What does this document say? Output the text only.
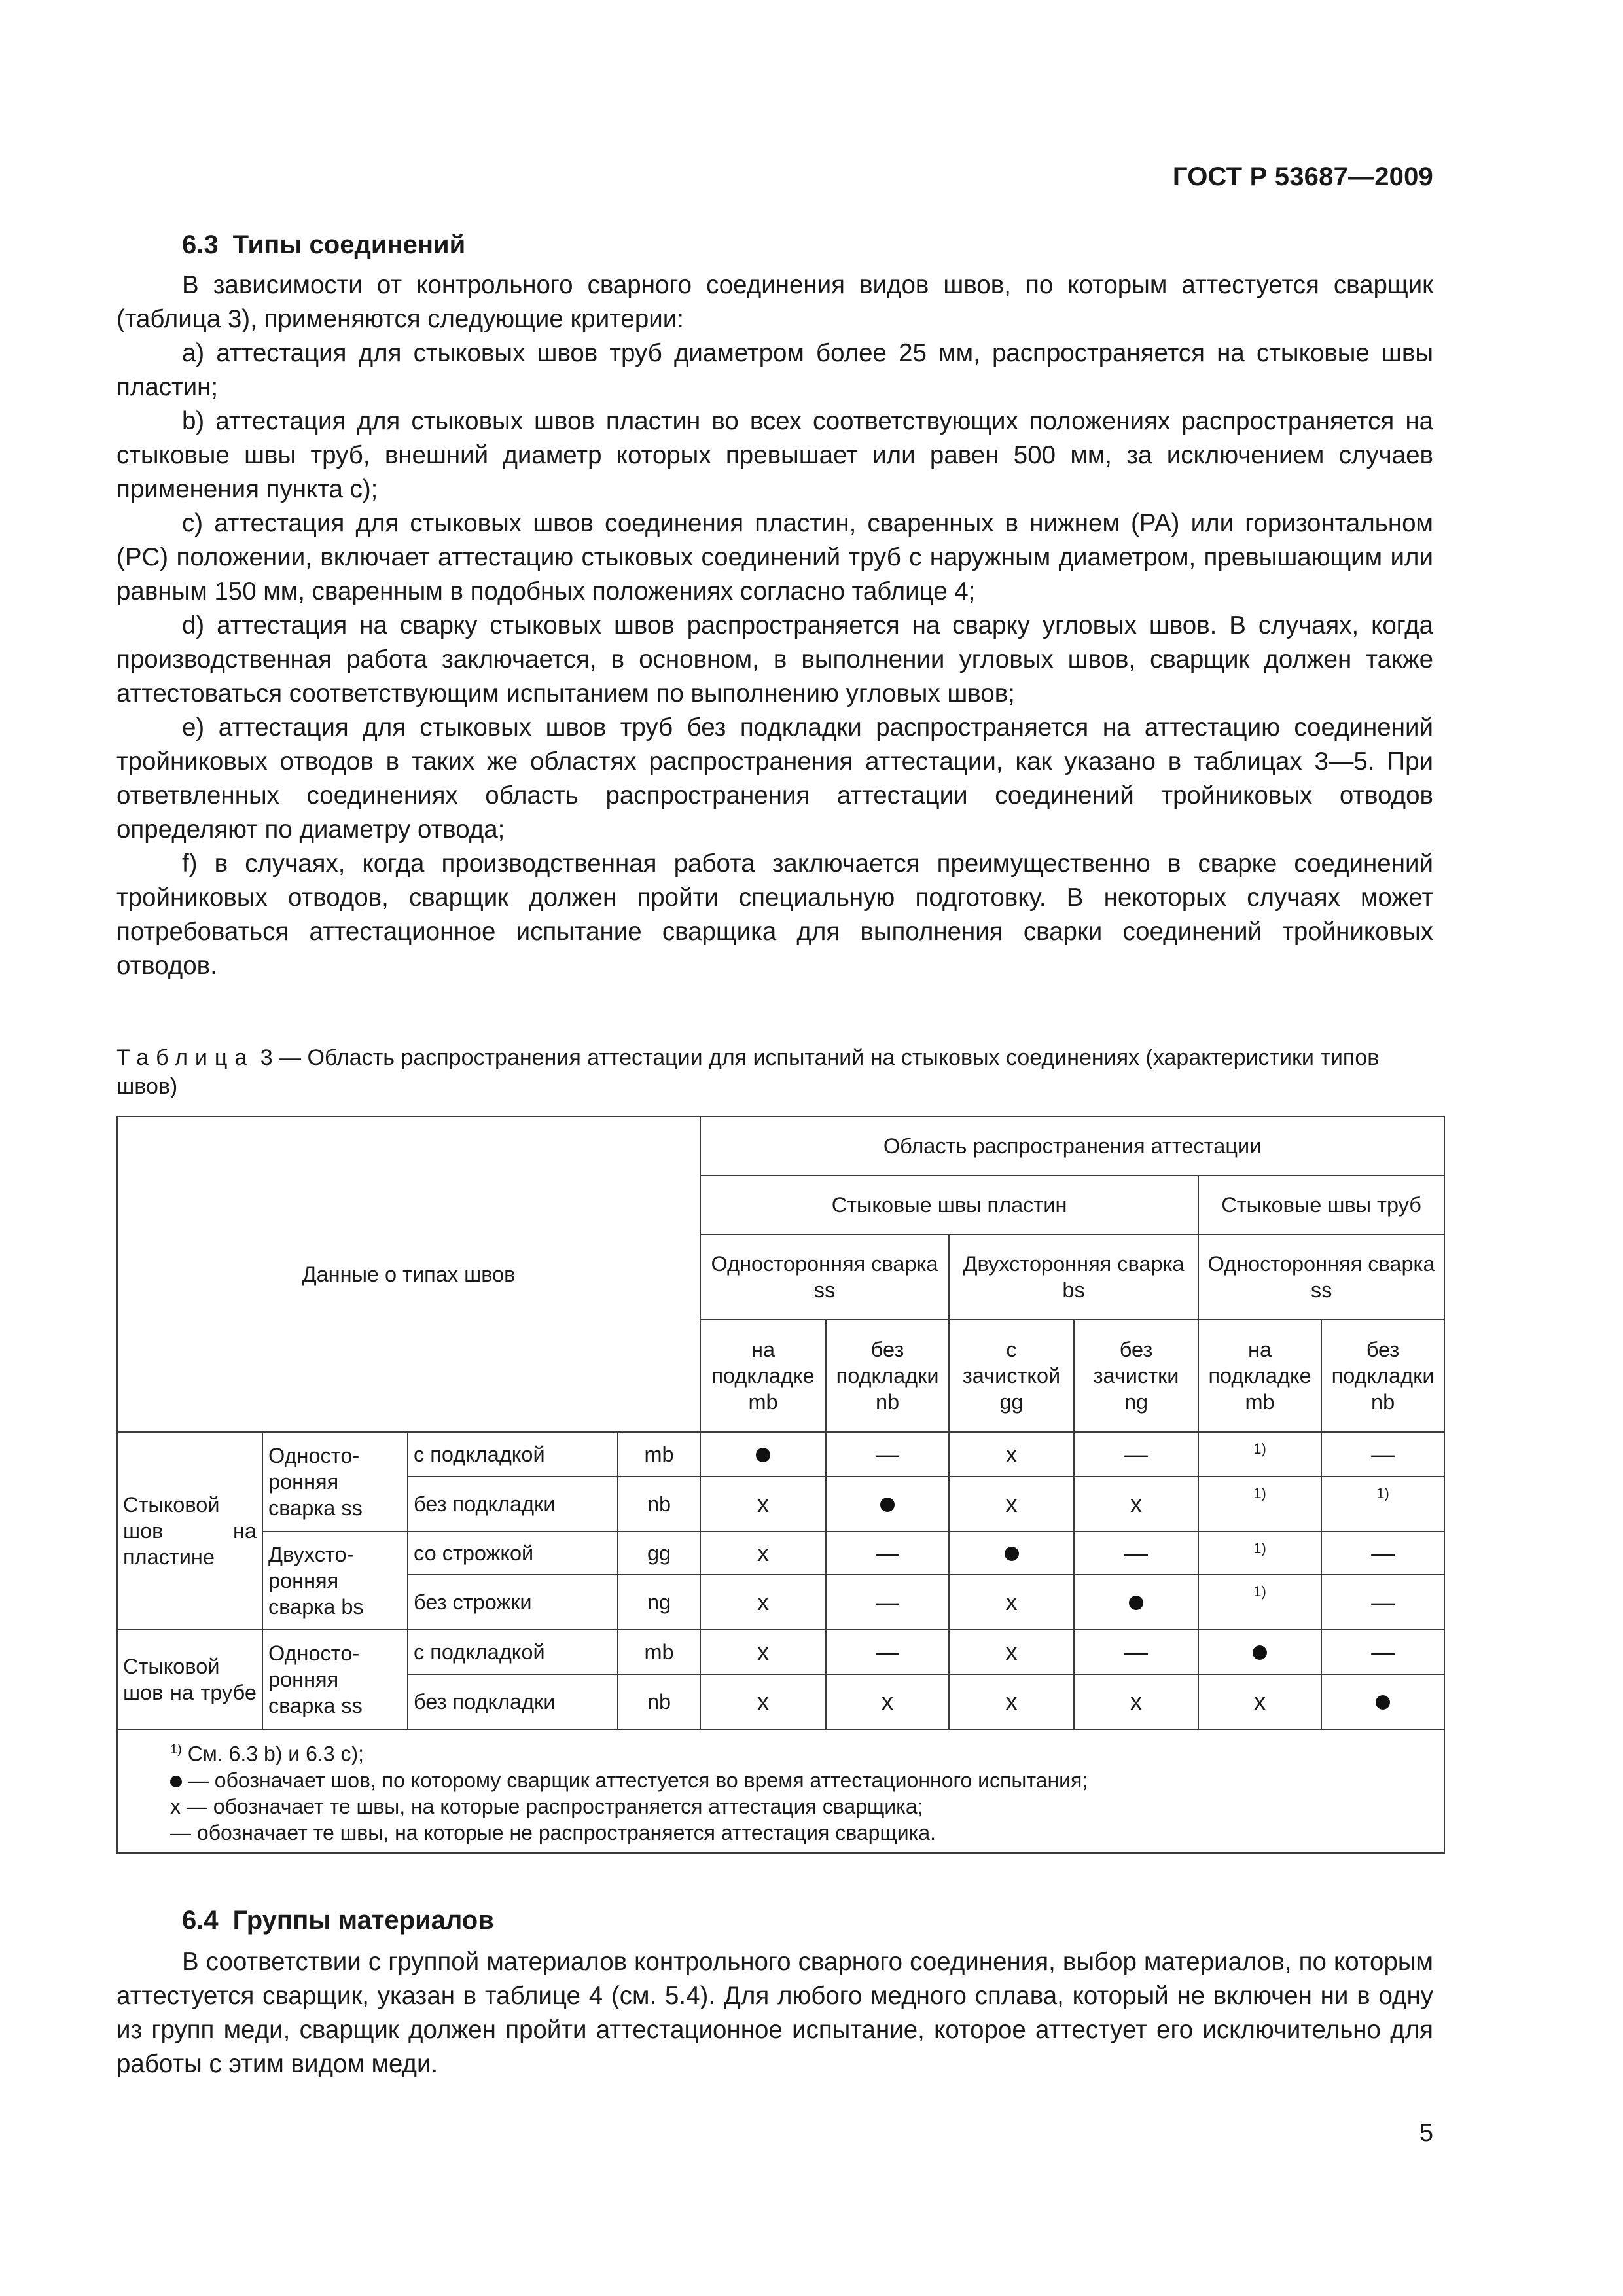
ГОСТ Р 53687—2009
6.3 Типы соединений

В зависимости от контрольного сварного соединения видов швов, по которым аттестуется сварщик (таблица 3), применяются следующие критерии:

а) аттестация для стыковых швов труб диаметром более 25 мм, распространяется на стыковые швы пластин;

b) аттестация для стыковых швов пластин во всех соответствующих положениях распространяется на стыковые швы труб, внешний диаметр которых превышает или равен 500 мм, за исключением случаев применения пункта с);

с) аттестация для стыковых швов соединения пластин, сваренных в нижнем (РА) или горизонтальном (PC) положении, включает аттестацию стыковых соединений труб с наружным диаметром, превышающим или равным 150 мм, сваренным в подобных положениях согласно таблице 4;

d) аттестация на сварку стыковых швов распространяется на сварку угловых швов. В случаях, когда производственная работа заключается, в основном, в выполнении угловых швов, сварщик должен также аттестоваться соответствующим испытанием по выполнению угловых швов;

е) аттестация для стыковых швов труб без подкладки распространяется на аттестацию соединений тройниковых отводов в таких же областях распространения аттестации, как указано в таблицах 3—5. При ответвленных соединениях область распространения аттестации соединений тройниковых отводов определяют по диаметру отвода;

f) в случаях, когда производственная работа заключается преимущественно в сварке соединений тройниковых отводов, сварщик должен пройти специальную подготовку. В некоторых случаях может потребоваться аттестационное испытание сварщика для выполнения сварки соединений тройниковых отводов.

Таблица 3 — Область распространения аттестации для испытаний на стыковых соединениях (характеристики типов швов)
Данные о типах швов				Область распространения аттестации					
				Стыковые швы пластин				Стыковые швы труб	
				Односторонняя сварка ss		Двухсторонняя сварка bs		Односторонняя сварка ss	
				на подкладке mb	без подкладки nb	с зачисткой gg	без зачистки ng	на подкладке mb	без подкладки nb
Стыковой шов на пластине	Односторонняя сварка ss	с подкладкой	mb		—	x	—	1)	—
		без подкладки	nb	x		x	x	1)	1)
	Двухсторонняя сварка bs	со строжкой	gg	x	—		—	1)	—
		без строжки	ng	x	—	x		1)	—
Стыковой шов на трубе	Односторонняя сварка ss	с подкладкой	mb	x	—	x	—		—
		без подкладки	nb	x	x	x	x	x	

$^{1)}$ См. 6.3 b) и 6.3 с);
— обозначает шов, по которому сварщик аттестуется во время аттестационного испытания;
x — обозначает те швы, на которые распространяется аттестация сварщика;
— обозначает те швы, на которые не распространяется аттестация сварщика.									
6.4 Группы материалов

В соответствии с группой материалов контрольного сварного соединения, выбор материалов, по которым аттестуется сварщик, указан в таблице 4 (см. 5.4). Для любого медного сплава, который не включен ни в одну из групп меди, сварщик должен пройти аттестационное испытание, которое аттестует его исключительно для работы с этим видом меди.

5
